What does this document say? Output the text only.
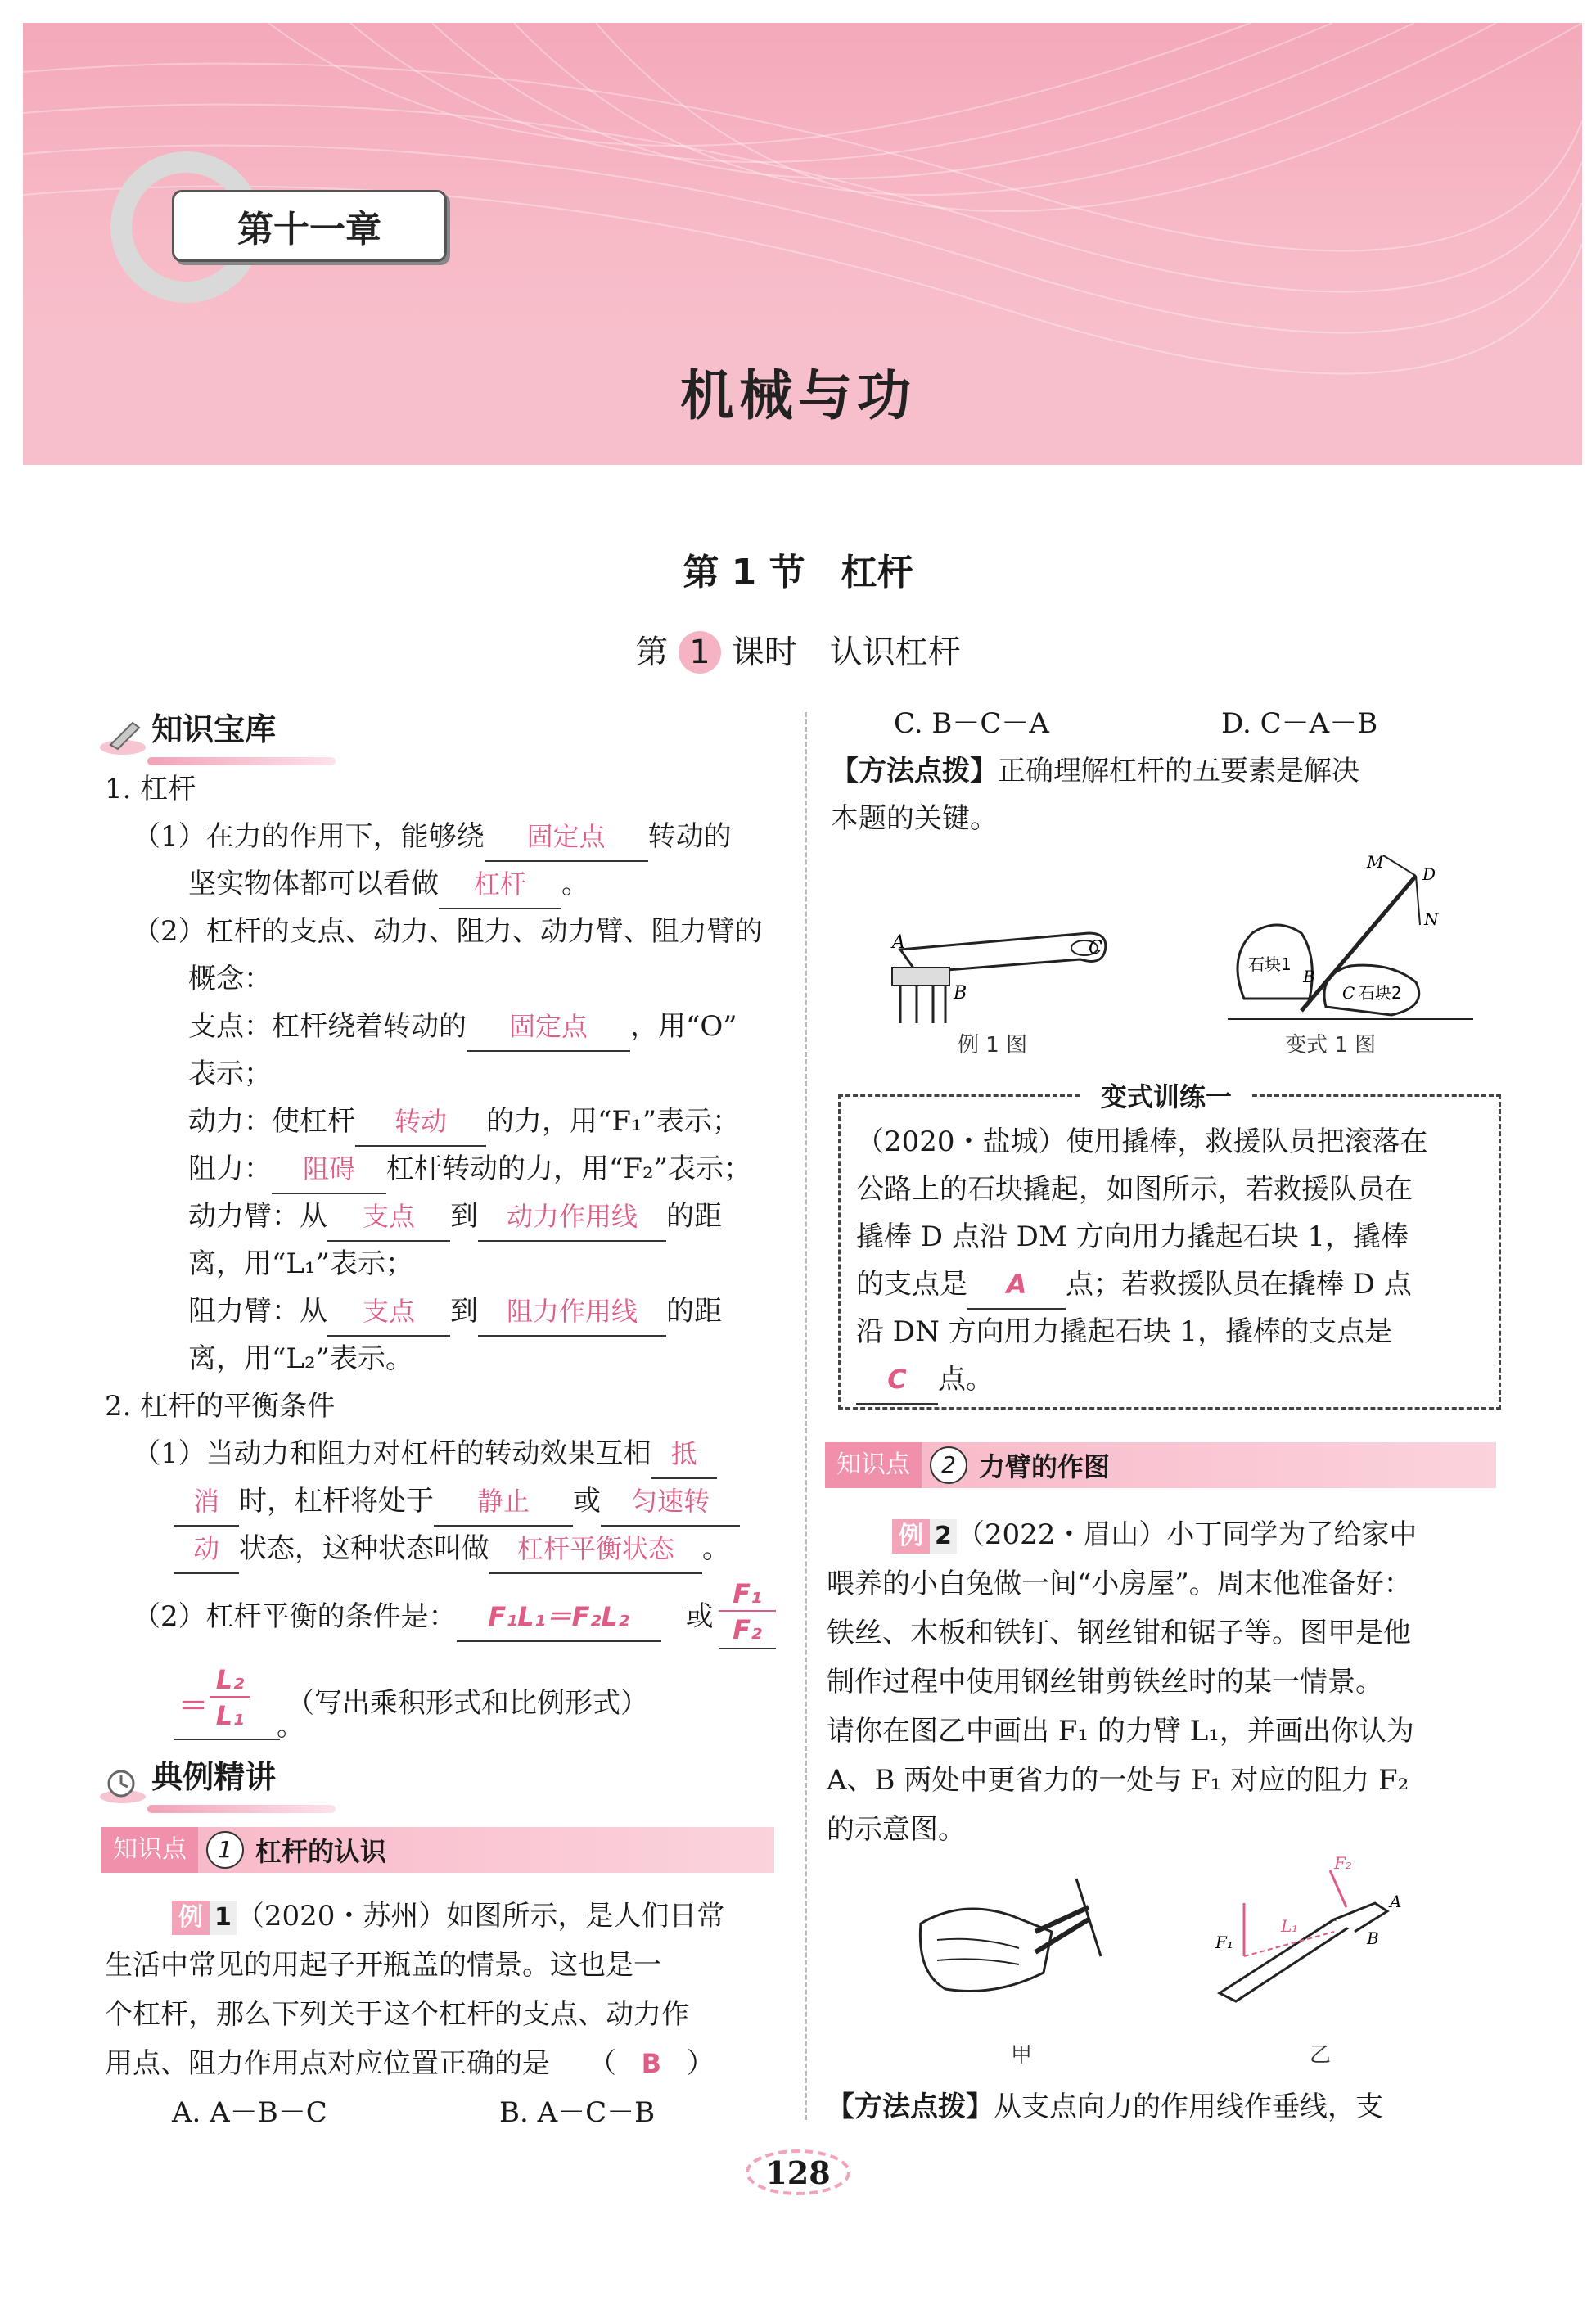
第十一章
机械与功
第 1 节　杠杆
第 1 课时　认识杠杆
知识宝库
1. 杠杆
（1）在力的作用下，能够绕 固定点 转动的
坚实物体都可以看做 杠杆 。
（2）杠杆的支点、动力、阻力、动力臂、阻力臂的
概念：
支点：杠杆绕着转动的 固定点 ，用“O”
表示；
动力：使杠杆 转动 的力，用“F₁”表示；
阻力： 阻碍 杠杆转动的力，用“F₂”表示；
动力臂：从 支点 到 动力作用线 的距
离，用“L₁”表示；
阻力臂：从 支点 到 阻力作用线 的距
离，用“L₂”表示。
2. 杠杆的平衡条件
（1）当动力和阻力对杠杆的转动效果互相 抵
消 时，杠杆将处于 静止 或 匀速转
动 状态，这种状态叫做 杠杆平衡状态 。
（2）杠杆平衡的条件是： F₁L₁＝F₂L₂ 或
F₁
F₂
＝
L₂
L₁ （写出乘积形式和比例形式）
。
典例精讲
知识点	1 杠杆的认识
例 1 （2020・苏州）如图所示，是人们日常
生活中常见的用起子开瓶盖的情景。这也是一
个杠杆，那么下列关于这个杠杆的支点、动力作
用点、阻力作用点对应位置正确的是 （ B ）
A. A－B－C	B. A－C－B
C. B－C－A	D. C－A－B
【方法点拨】正确理解杠杆的五要素是解决
本题的关键。
A
B
C
例 1 图
M
D
N
石块1
B
C 石块2
变式 1 图
变式训练一
（2020・盐城）使用撬棒，救援队员把滚落在
公路上的石块撬起，如图所示，若救援队员在
撬棒 D 点沿 DM 方向用力撬起石块 1，撬棒
的支点是 A 点；若救援队员在撬棒 D 点
沿 DN 方向用力撬起石块 1，撬棒的支点是
C 点。
知识点	2 力臂的作图
例 2 （2022・眉山）小丁同学为了给家中
喂养的小白兔做一间“小房屋”。周末他准备好：
铁丝、木板和铁钉、钢丝钳和锯子等。图甲是他
制作过程中使用钢丝钳剪铁丝时的某一情景。
请你在图乙中画出 F₁ 的力臂 L₁，并画出你认为
A、B 两处中更省力的一处与 F₁ 对应的阻力 F₂
的示意图。
甲
F₂
L₁
F₁
A
B
乙
【方法点拨】从支点向力的作用线作垂线，支
128
